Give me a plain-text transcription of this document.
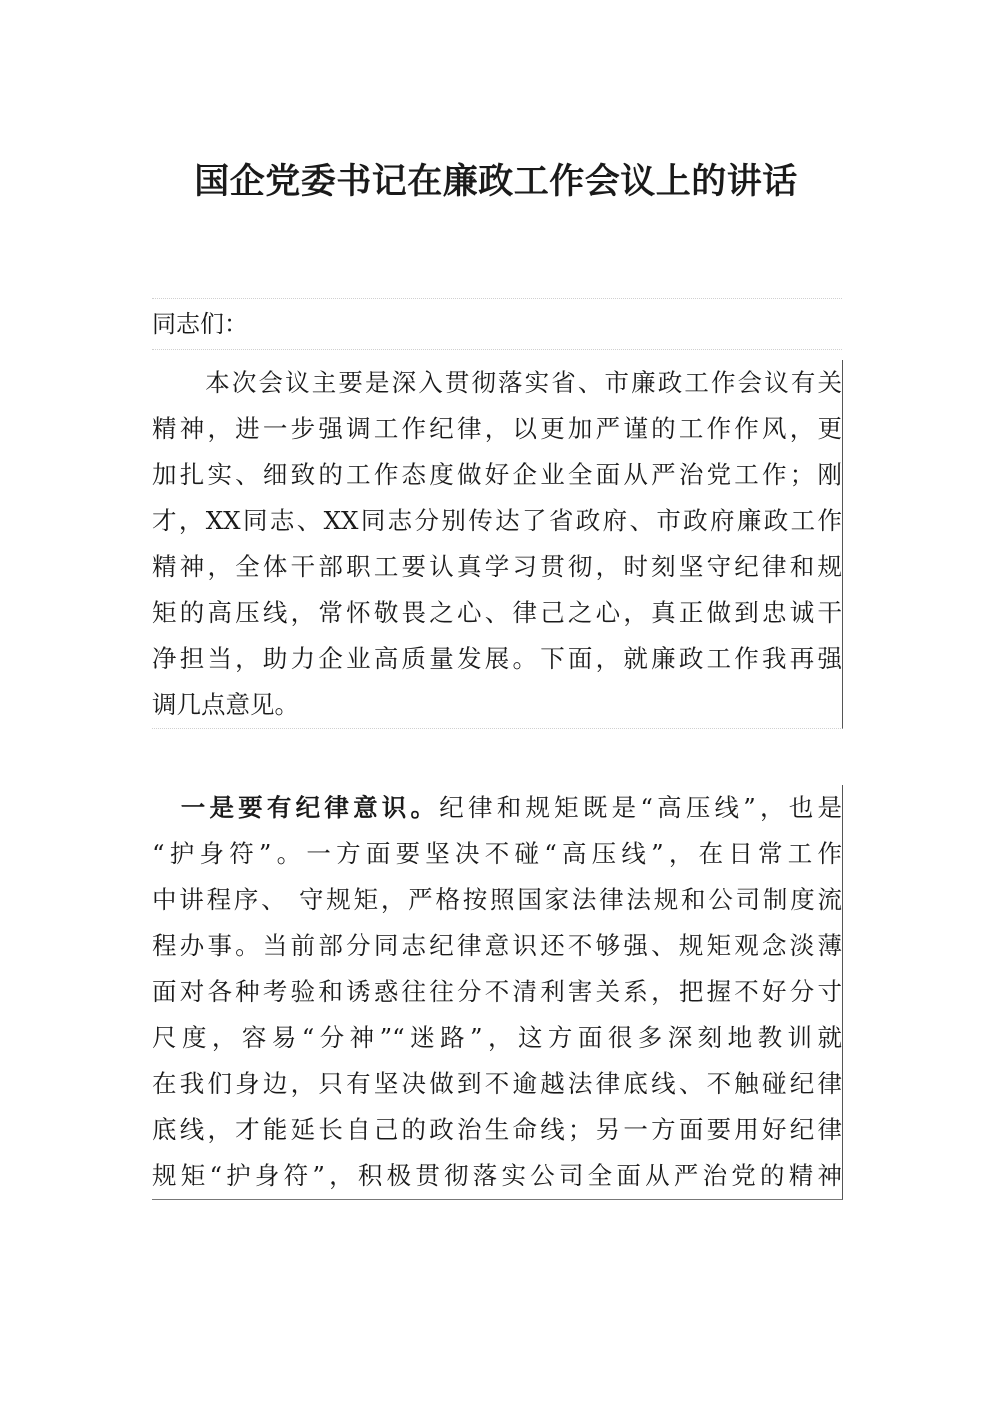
国企党委书记在廉政工作会议上的讲话
同志们：
　　本次会议主要是深入贯彻落实省、市廉政工作会议有关
精神，进一步强调工作纪律，以更加严谨的工作作风，更
加扎实、细致的工作态度做好企业全面从严治党工作；刚
才，XX同志、XX同志分别传达了省政府、市政府廉政工作
精神，全体干部职工要认真学习贯彻，时刻坚守纪律和规
矩的高压线，常怀敬畏之心、律己之心，真正做到忠诚干
净担当，助力企业高质量发展。下面，就廉政工作我再强
调几点意见。
　一是要有纪律意识。纪律和规矩既是“高压线”，也是
“护身符”。一方面要坚决不碰“高压线”，在日常工作
中讲程序、 守规矩，严格按照国家法律法规和公司制度流
程办事。当前部分同志纪律意识还不够强、规矩观念淡薄
面对各种考验和诱惑往往分不清利害关系，把握不好分寸
尺度，容易“分神”“迷路”，这方面很多深刻地教训就
在我们身边，只有坚决做到不逾越法律底线、不触碰纪律
底线，才能延长自己的政治生命线；另一方面要用好纪律
规矩“护身符”，积极贯彻落实公司全面从严治党的精神
